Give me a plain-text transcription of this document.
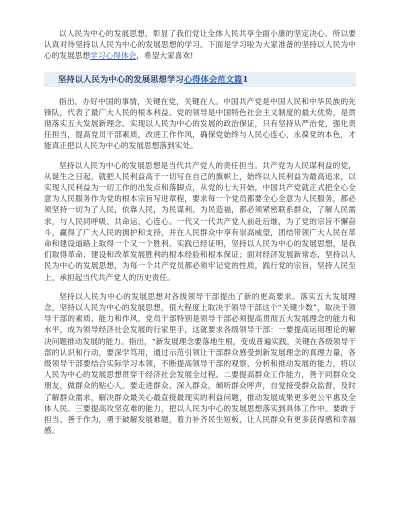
以人民为中心的发展思想，彰显了我们党让全体人民共享全面小康的坚定决心，所以要认真对待坚持以人民为中心的发展思想的学习。下面是学习啦为大家准备的坚持以人民为中心的发展思想学习心得体会，希望大家喜欢!

坚持以人民为中心的发展思想学习心得体会范文篇1

指出，办好中国的事情，关键在党，关键在人。中国共产党是中国人民和中华民族的先锋队，代表了最广大人民的根本利益。党的领导是中国特色社会主义制度的最大优势，是贯彻落实五大发展新理念、实现以人民为中心的发展的政治保证，只有坚持从严治党，强化责任担当，提高党员干部素质，改进工作作风，确保党始终与人民心连心，永葆党的本色，才能真正把以人民为中心的发展思想落到实处。

坚持以人民为中心的发展思想是当代共产党人的责任担当。共产党为人民谋利益的党，从诞生之日起，就把人民利益高于一切写在自己的旗帜上，始终以人民利益为最高追求，以实现人民利益为一切工作的出发点和落脚点，从党的七大开始，中国共产党就正式把全心全意为人民服务作为党的根本宗旨写进章程，要求每一个党员都要全心全意为人民服务，都必须坚持一切为了人民，依靠人民，为民谋利、为民造福，都必须紧密联系群众，了解人民需求，与人民同呼吸、共命运、心连心。一代又一代共产党人前赴后继，为了党的宗旨不懈奋斗，赢得了广大人民的拥护和支持，并在人民群众中享有崇高威望，团结带领广大人民在革命和建设道路上取得一个又一个胜利。实践已经证明，坚持以人民为中心的发展思想，是我们取得革命、建设和改革发展胜利的根本经验和根本保证；面对经济发展新常态，坚持以人民为中心的发展思想，为每一个共产党员都必须牢记党的性质，践行党的宗旨，坚持人民至上，承担起当代共产党人的历史责任。

坚持以人民为中心的发展思想对各级领导干部提出了新的更高要求。落实五大发展理念，坚持以人民为中心的发展思想，很大程度上取决于领导干部这个“关键少数”，取决于领导干部的素质、能力和作风，党员干部特别是领导干部必须提高贯彻五大发展理念的能力和水平，成为领导经济社会发展的行家里手，这就要求各级领导干部：一要提高运用理论的解决问题推动发展的能力。指出，“新发展理念要落地生根，变成普遍实践，关键在各级领导干部的认识和行动，要深学笃用，通过示范引领让干部群众感受到新发展理念的真理力量，各级领导干部要结合实际学习本领，不断提高领导干部的观察、分析和推动发展的能力，将以人民为中心的发展思想贯穿于经济社会发展全过程。二要提高群众工作能力，善于同群众交朋友，做群众的贴心人。要走进群众、深入群众，倾听群众呼声，自觉接受群众监督，及时了解群众需求，解决群众最关心最直接最现实的利益问题，推动发展成果更多更公平惠及全体人民。三要提高攻坚克难的能力，把以人民为中心的发展思想落实到具体工作中。要敢于担当、善于作为，勇于破解发展难题，着力补齐民生短板，让人民群众有更多获得感和幸福感。
